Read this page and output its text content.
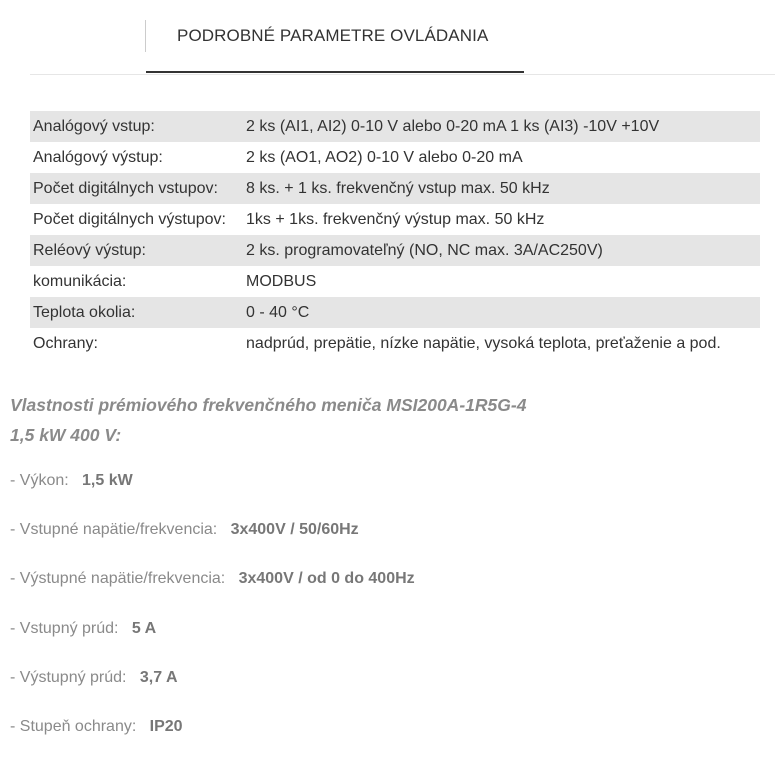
PODROBNÉ PARAMETRE OVLÁDANIA
Analógový vstup:	2 ks (AI1, AI2) 0-10 V alebo 0-20 mA 1 ks (AI3) -10V +10V
Analógový výstup:	2 ks (AO1, AO2) 0-10 V alebo 0-20 mA
Počet digitálnych vstupov:	8 ks. + 1 ks. frekvenčný vstup max. 50 kHz
Počet digitálnych výstupov:	1ks + 1ks. frekvenčný výstup max. 50 kHz
Reléový výstup:	2 ks. programovateľný (NO, NC max. 3A/AC250V)
komunikácia:	MODBUS
Teplota okolia:	0 - 40 °C
Ochrany:	nadprúd, prepätie, nízke napätie, vysoká teplota, preťaženie a pod.
Vlastnosti prémiového frekvenčného meniča MSI200A-1R5G-4 1,5 kW 400 V:
- Výkon:   1,5 kW
- Vstupné napätie/frekvencia:   3x400V / 50/60Hz
- Výstupné napätie/frekvencia:   3x400V / od 0 do 400Hz
- Vstupný prúd:   5 A
- Výstupný prúd:   3,7 A
- Stupeň ochrany:   IP20
